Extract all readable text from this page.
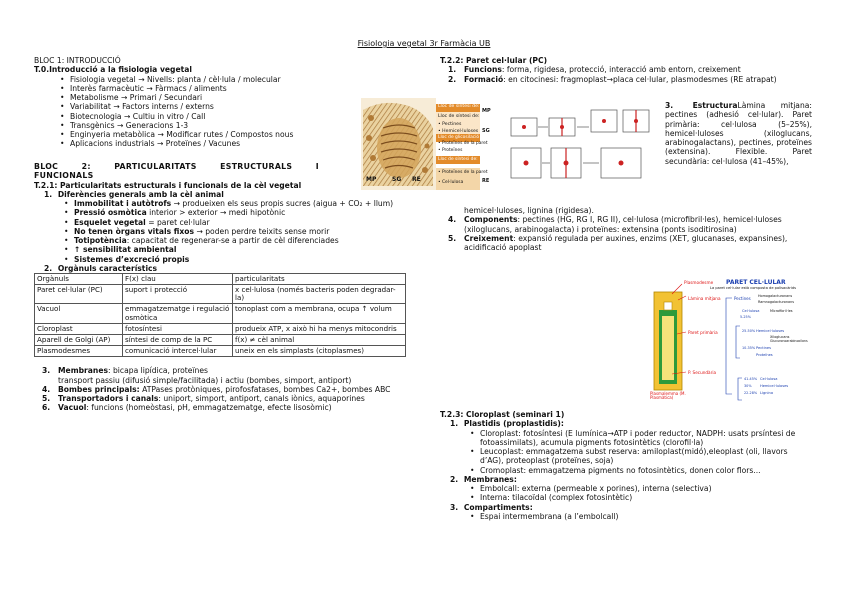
Fisiologia vegetal 3r Farmàcia UB
BLOC 1: INTRODUCCIÓ
T.0.Introducció a la fisiologia vegetal
• Fisiologia vegetal → Nivells: planta / cèl·lula / molecular
• Interès farmacèutic → Fàrmacs / aliments
• Metabolisme → Primari / Secundari
• Variabilitat → Factors interns / externs
• Biotecnologia → Cultiu in vitro / Call
• Transgènics → Generacions 1-3
• Enginyeria metabòlica → Modificar rutes / Compostos nous
• Aplicacions industrials → Proteïnes / Vacunes
BLOC 2: PARTICULARITATS ESTRUCTURALS I FUNCIONALS
T.2.1: Particularitats estructurals i funcionals de la cèl vegetal
1. Diferències generals amb la cèl animal
• Immobilitat i autòtrofs → produeixen els seus propis sucres (aigua + CO₂ + llum)
• Pressió osmòtica interior > exterior → medi hipotònic
• Esquelet vegetal = paret cel·lular
• No tenen òrgans vitals fixos → poden perdre teixits sense morir
• Totipotència: capacitat de regenerar-se a partir de cèl diferenciades
• ↑ sensibilitat ambiental
• Sistemes d’excreció propis
2. Orgànuls característics
Orgànuls	F(x) clau	particularitats
Paret cel·lular (PC)	suport i protecció	x cel·lulosa (només bacteris poden degradar-la)
Vacuol	emmagatzematge i regulació osmòtica	tonoplast com a membrana, ocupa ↑ volum
Cloroplast	fotosíntesi	produeix ATP, x això hi ha menys mitocondris
Aparell de Golgi (AP)	síntesi de comp de la PC	f(x) ≠ cèl animal
Plasmodesmes	comunicació intercel·lular	uneix en els simplasts (citoplasmes)
3. Membranes: bicapa lipídica, proteïnes
transport passiu (difusió simple/facilitada) i actiu (bombes, simport, antiport)
4. Bombes principals: ATPases protòniques, pirofosfatases, bombes Ca2+, bombes ABC
5. Transportadors i canals: uniport, simport, antiport, canals iònics, aquaporines
6. Vacuol: funcions (homeòstasi, pH, emmagatzematge, efecte lisosòmic)
Lloc de síntesi de:
MP
Lloc de síntesi de:
• Pectines
• Hemicel·luloses SG
• Proteïnes de la paret
Lloc de glicosilació de:
• Proteïnes
Lloc de síntesi de:
• Proteïnes de la paret
• Cel·lulosa	RE
MP	SG RE
T.2.2: Paret cel·lular (PC)
1. Funcions: forma, rigidesa, protecció, interacció amb entorn, creixement
2. Formació: en citocinesi: fragmoplast→placa cel·lular, plasmodesmes (RE atrapat)
3.	EstructuraLàmina mitjana: pectines (adhesió cel·lular). Paret primària: cel·lulosa (5–25%), hemicel·luloses (xiloglucans, arabinogalactans), pectines, proteïnes (extensina). Flexible. Paret secundària: cel·lulosa (41–45%),
hemicel·luloses, lignina (rigidesa).
4. Components: pectines (HG, RG I, RG II), cel·lulosa (microfibril·les), hemicel·luloses (xiloglucans, arabinogalacta) i proteïnes: extensina (ponts isoditirosina)
5. Creixement: expansió regulada per auxines, enzims (XET, glucanases, expansines), acidificació apoplast
PARET CEL·LULAR
La paret cel·lular està composta de polisacàrids
Plasmodesme
Làmina mitjana	Pectines Homogalacturonans
Ramnogalacturonans
Paret primària
Cel·lulosa	Microfibril·les
Hemicel·luloses
Xiloglucans
Glucuronoarabinoxilans
Pectines
Proteïnes
P. Secundària
Cel·lulosa
Hemicel·luloses
Lignina
Plasmalemma (M. Plasmàtica)
5-25%
25-50%
10-35%
41-45%
30%
22-28%
T.2.3: Cloroplast (seminari 1)
1. Plastidis (proplastidis):
• Cloroplast: fotosíntesi (E lumínica→ATP i poder reductor, NADPH: usats prsíntesi de fotoassimilats), acumula pigments fotosintètics (clorofil·la)
• Leucoplast: emmagatzema subst reserva: amiloplast(midó),eleoplast (oli, llavors d’AG), proteoplast (proteïnes, soja)
• Cromoplast: emmagatzema pigments no fotosintètics, donen color flors...
2. Membranes:
• Embolcall: externa (permeable x porines), interna (selectiva)
• Interna: tilacoïdal (complex fotosintètic)
3. Compartiments:
• Espai intermembrana (a l’embolcall)
